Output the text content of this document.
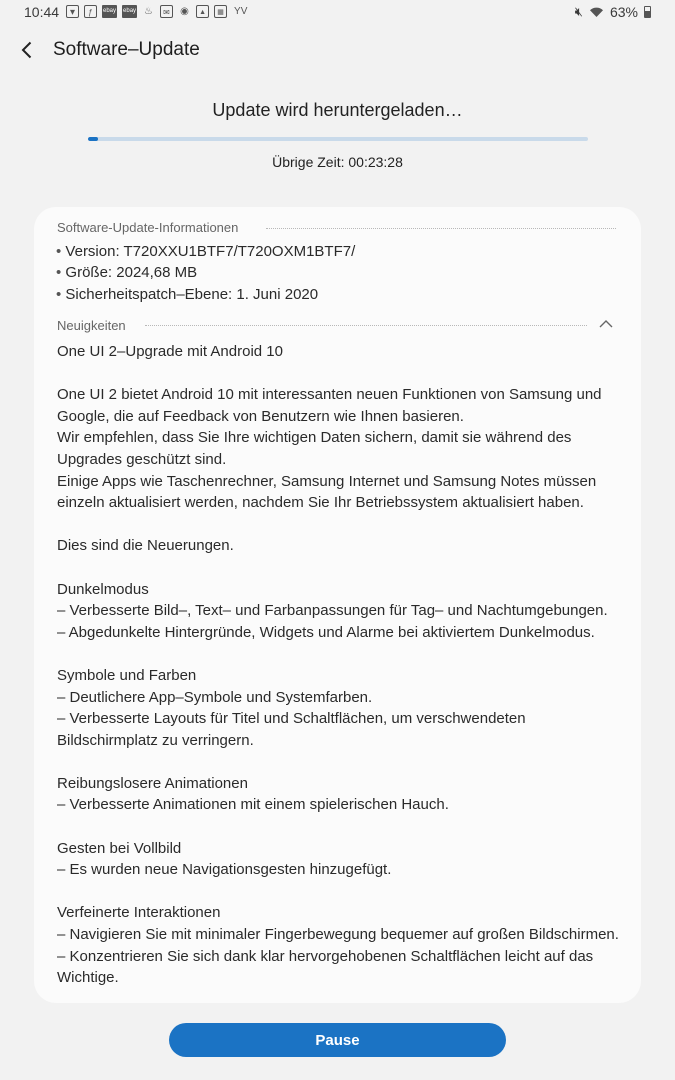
10:44	▾	ƒ	ebay ebay ♨	✉	◉	▲	▦	YV	🔇︎ 63%
Software–Update
Update wird heruntergeladen…
Übrige Zeit: 00:23:28
Software-Update-Informationen
• Version: T720XXU1BTF7/T720OXM1BTF7/
• Größe: 2024,68 MB
• Sicherheitspatch–Ebene: 1. Juni 2020
Neuigkeiten

One UI 2–Upgrade mit Android 10

One UI 2 bietet Android 10 mit interessanten neuen Funktionen von Samsung und Google, die auf Feedback von Benutzern wie Ihnen basieren.

Wir empfehlen, dass Sie Ihre wichtigen Daten sichern, damit sie während des Upgrades geschützt sind.

Einige Apps wie Taschenrechner, Samsung Internet und Samsung Notes müssen einzeln aktualisiert werden, nachdem Sie Ihr Betriebssystem aktualisiert haben.

Dies sind die Neuerungen.

Dunkelmodus

– Verbesserte Bild–, Text– und Farbanpassungen für Tag– und Nachtumgebungen.

– Abgedunkelte Hintergründe, Widgets und Alarme bei aktiviertem Dunkelmodus.

Symbole und Farben

– Deutlichere App–Symbole und Systemfarben.

– Verbesserte Layouts für Titel und Schaltflächen, um verschwendeten Bildschirmplatz zu verringern.

Reibungslosere Animationen

– Verbesserte Animationen mit einem spielerischen Hauch.

Gesten bei Vollbild

– Es wurden neue Navigationsgesten hinzugefügt.

Verfeinerte Interaktionen

– Navigieren Sie mit minimaler Fingerbewegung bequemer auf großen Bildschirmen.

– Konzentrieren Sie sich dank klar hervorgehobenen Schaltflächen leicht auf das Wichtige.

Pause
